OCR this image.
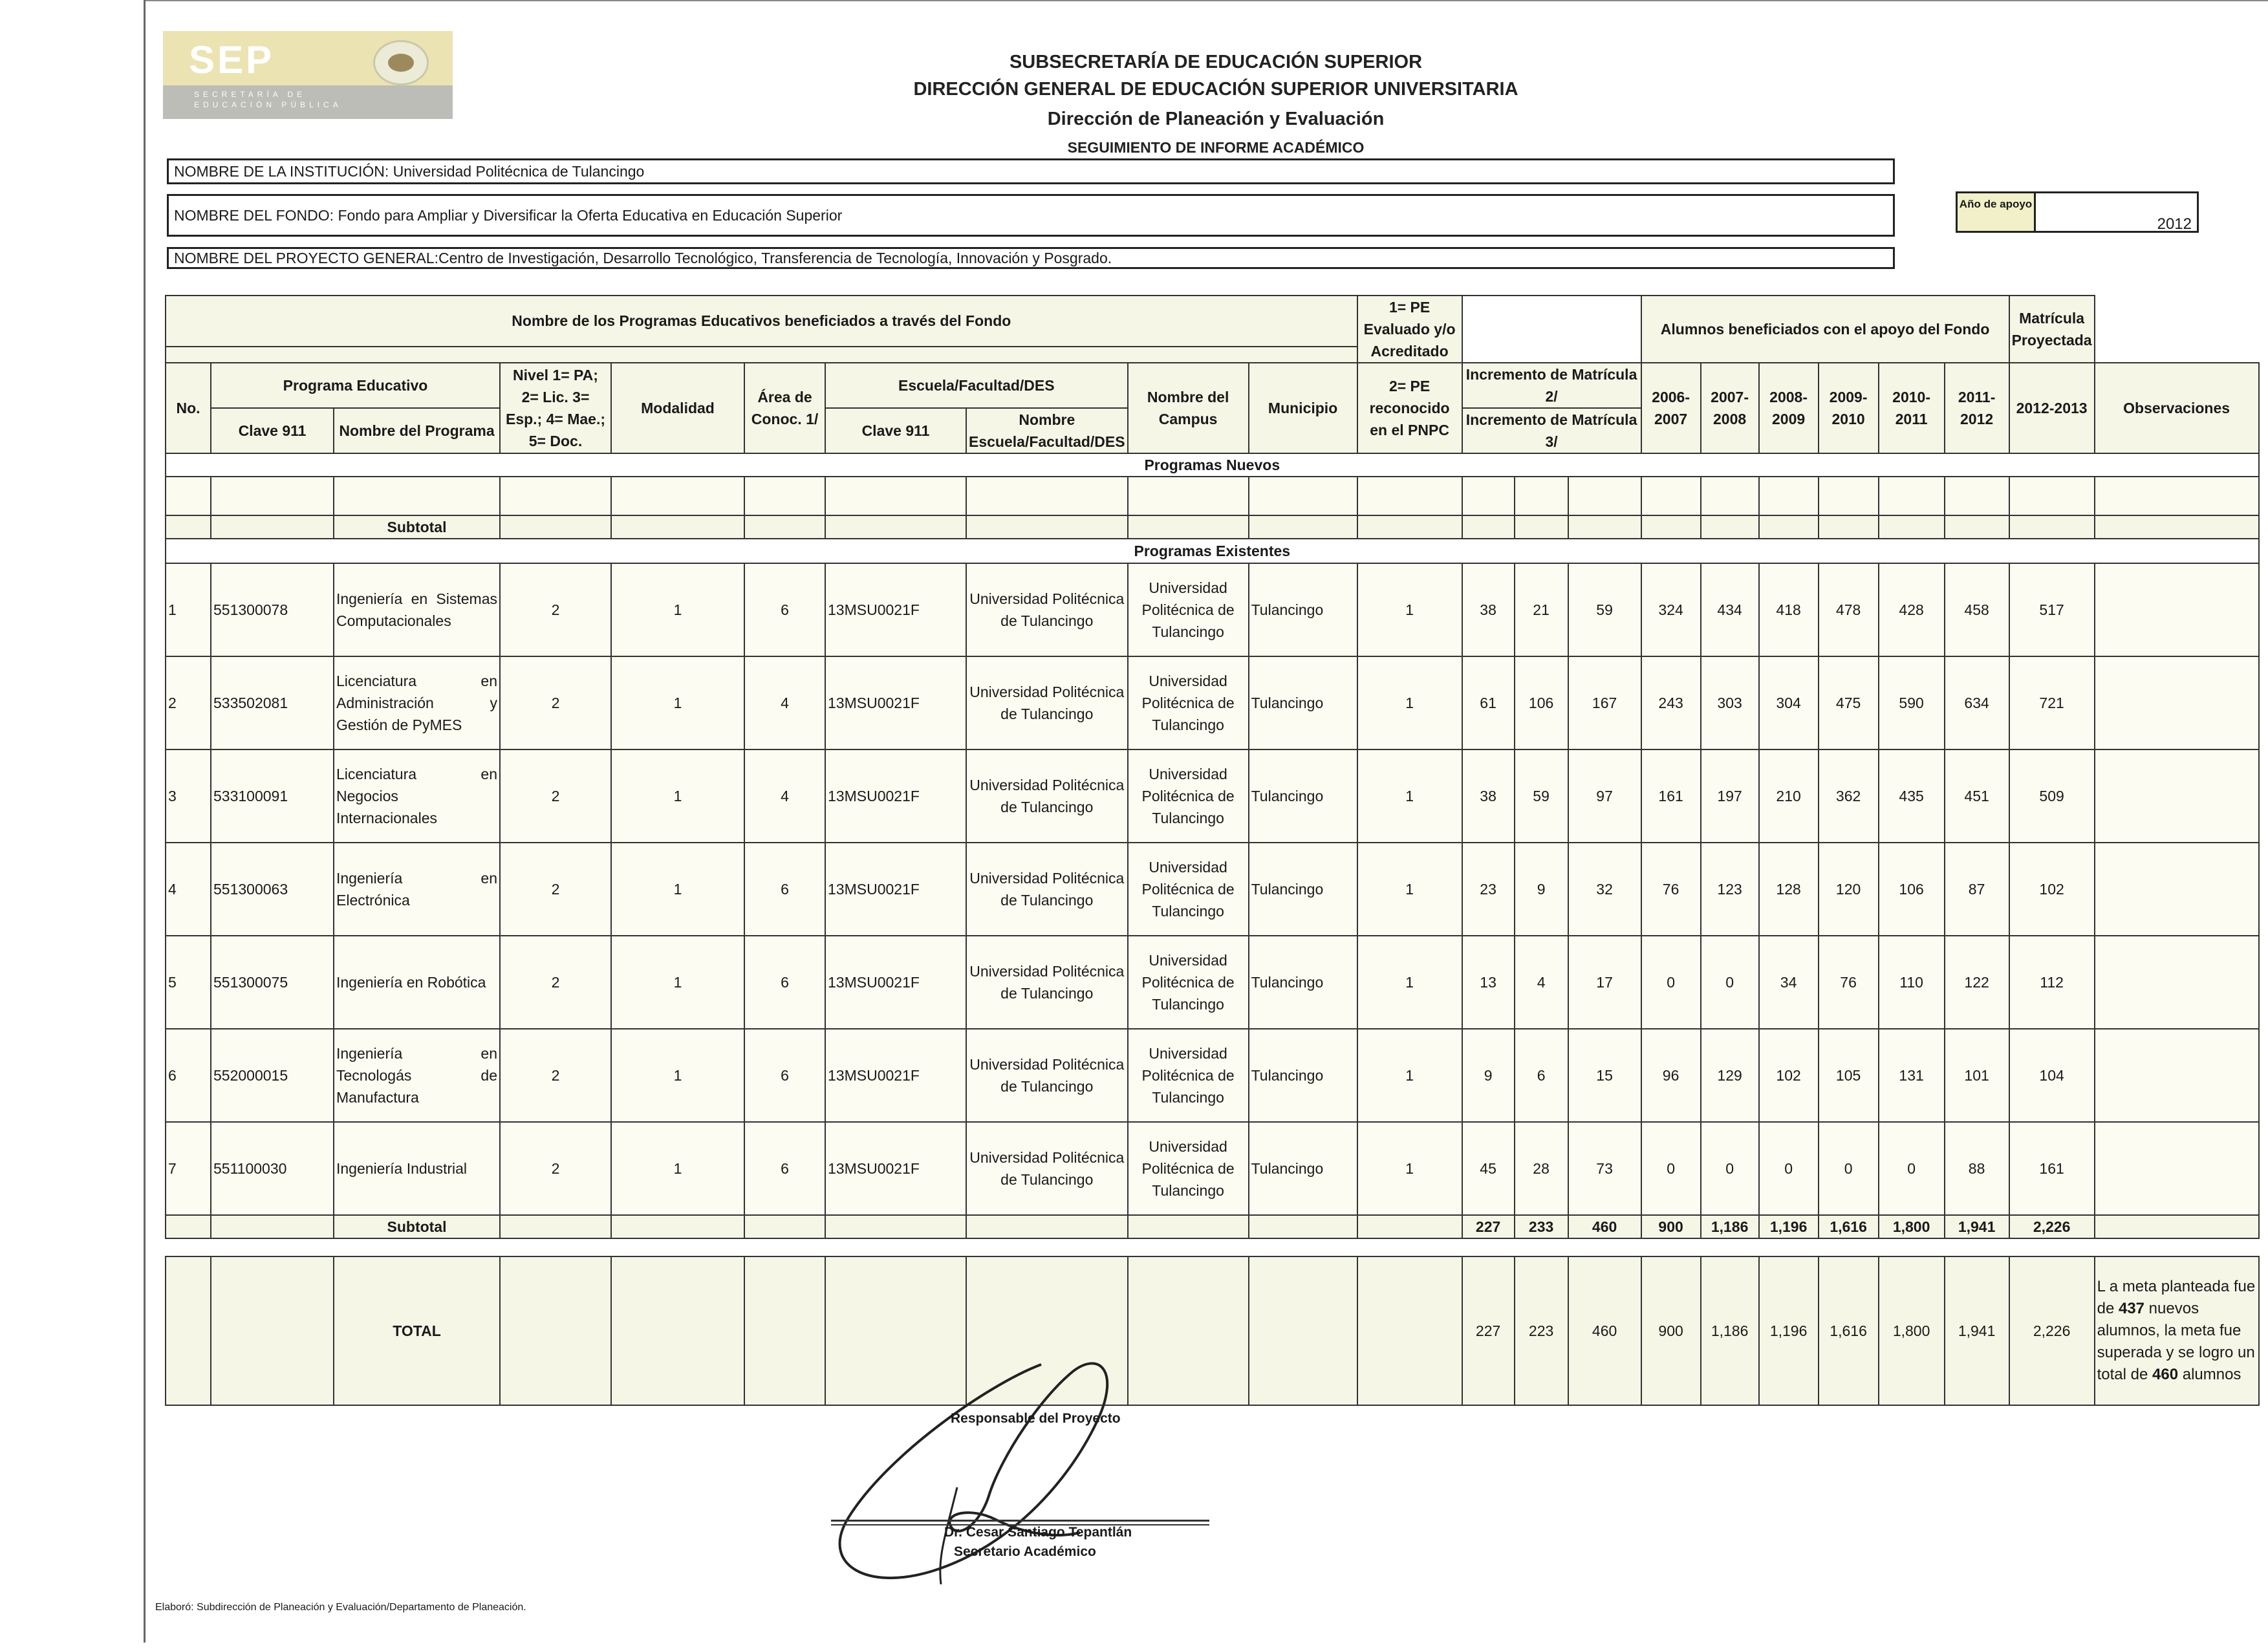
SEP
SECRETARÍA DE
EDUCACIÓN PÚBLICA
SUBSECRETARÍA DE EDUCACIÓN SUPERIOR
DIRECCIÓN GENERAL DE EDUCACIÓN SUPERIOR UNIVERSITARIA
Dirección de Planeación y Evaluación
SEGUIMIENTO DE INFORME ACADÉMICO
NOMBRE DE LA INSTITUCIÓN: Universidad Politécnica de Tulancingo
NOMBRE DEL FONDO: Fondo para Ampliar y Diversificar la Oferta Educativa en Educación Superior
NOMBRE DEL PROYECTO GENERAL:Centro de Investigación, Desarrollo Tecnológico, Transferencia de Tecnología, Innovación y Posgrado.
Año de apoyo
2012
Nombre de los Programas Educativos beneficiados a través del Fondo										1= PE Evaluado y/o Acreditado				Alumnos beneficiados con el apoyo del Fondo						Matrícula Proyectada	

No.	Programa Educativo		Nivel 1= PA; 2= Lic. 3= Esp.; 4= Mae.; 5= Doc.	Modalidad	Área de Conoc. 1/	Escuela/Facultad/DES		Nombre del Campus	Municipio	2= PE reconocido en el PNPC	Incremento de Matrícula 2/			2006-2007	2007-2008	2008-2009	2009-2010	2010-2011	2011-2012	2012-2013	Observaciones
	Clave 911	Nombre del Programa				Clave 911	Nombre Escuela/Facultad/DES				Incremento de Matrícula 3/										
Programas Nuevos																					

		Subtotal																			
Programas Existentes																					
1	551300078	Ingeniería en Sistemas Computacionales	2	1	6	13MSU0021F	Universidad Politécnica de Tulancingo	Universidad Politécnica de Tulancingo	Tulancingo	1	38	21	59	324	434	418	478	428	458	517	
2	533502081	Licenciatura en Administración y Gestión de PyMES	2	1	4	13MSU0021F	Universidad Politécnica de Tulancingo	Universidad Politécnica de Tulancingo	Tulancingo	1	61	106	167	243	303	304	475	590	634	721	
3	533100091	Licenciatura en Negocios Internacionales	2	1	4	13MSU0021F	Universidad Politécnica de Tulancingo	Universidad Politécnica de Tulancingo	Tulancingo	1	38	59	97	161	197	210	362	435	451	509	
4	551300063	Ingeniería en Electrónica	2	1	6	13MSU0021F	Universidad Politécnica de Tulancingo	Universidad Politécnica de Tulancingo	Tulancingo	1	23	9	32	76	123	128	120	106	87	102	
5	551300075	Ingeniería en Robótica	2	1	6	13MSU0021F	Universidad Politécnica de Tulancingo	Universidad Politécnica de Tulancingo	Tulancingo	1	13	4	17	0	0	34	76	110	122	112	
6	552000015	Ingeniería en Tecnologás de Manufactura	2	1	6	13MSU0021F	Universidad Politécnica de Tulancingo	Universidad Politécnica de Tulancingo	Tulancingo	1	9	6	15	96	129	102	105	131	101	104	
7	551100030	Ingeniería Industrial	2	1	6	13MSU0021F	Universidad Politécnica de Tulancingo	Universidad Politécnica de Tulancingo	Tulancingo	1	45	28	73	0	0	0	0	0	88	161	
		Subtotal									227	233	460	900	1,186	1,196	1,616	1,800	1,941	2,226	

		TOTAL									227	223	460	900	1,186	1,196	1,616	1,800	1,941	2,226	L a meta planteada fue de 437 nuevos alumnos, la meta fue superada y se logro un total de 460 alumnos
Responsable del Proyecto
Dr. Cesar Santiago Tepantlán
Secretario Académico
Elaboró: Subdirección de Planeación y Evaluación/Departamento de Planeación.
